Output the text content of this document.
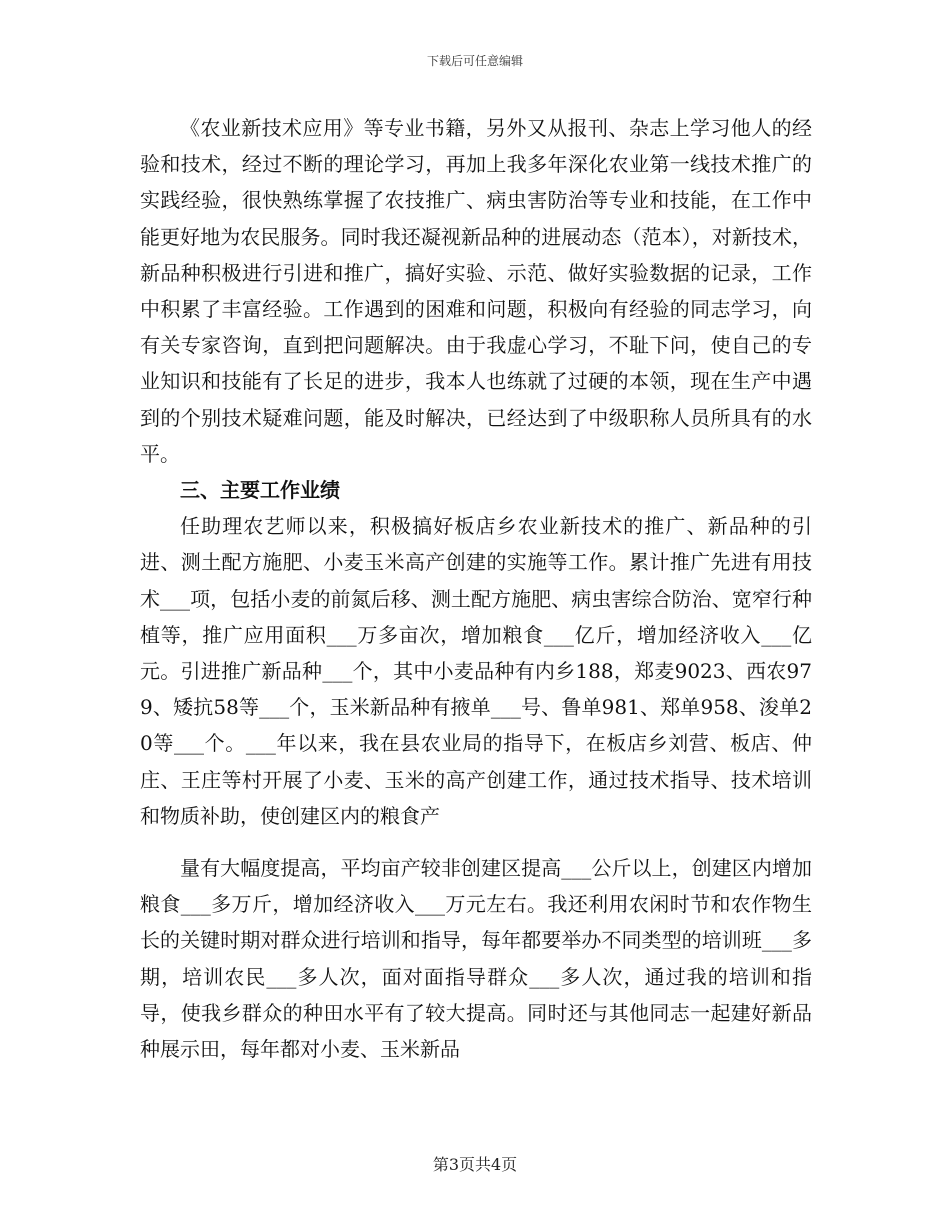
下载后可任意编辑

《农业新技术应用》等专业书籍，另外又从报刊、杂志上学习他人的经验和技术，经过不断的理论学习，再加上我多年深化农业第一线技术推广的实践经验，很快熟练掌握了农技推广、病虫害防治等专业和技能，在工作中能更好地为农民服务。同时我还凝视新品种的进展动态（范本），对新技术，新品种积极进行引进和推广，搞好实验、示范、做好实验数据的记录，工作中积累了丰富经验。工作遇到的困难和问题，积极向有经验的同志学习，向有关专家咨询，直到把问题解决。由于我虚心学习，不耻下问，使自己的专业知识和技能有了长足的进步，我本人也练就了过硬的本领，现在生产中遇到的个别技术疑难问题，能及时解决，已经达到了中级职称人员所具有的水平。

三、主要工作业绩

任助理农艺师以来，积极搞好板店乡农业新技术的推广、新品种的引进、测土配方施肥、小麦玉米高产创建的实施等工作。累计推广先进有用技术___项，包括小麦的前氮后移、测土配方施肥、病虫害综合防治、宽窄行种植等，推广应用面积___万多亩次，增加粮食___亿斤，增加经济收入___亿元。引进推广新品种___个，其中小麦品种有内乡188，郑麦9023、西农979、矮抗58等___个，玉米新品种有掖单___号、鲁单981、郑单958、浚单20等___个。___年以来，我在县农业局的指导下，在板店乡刘营、板店、仲庄、王庄等村开展了小麦、玉米的高产创建工作，通过技术指导、技术培训和物质补助，使创建区内的粮食产

量有大幅度提高，平均亩产较非创建区提高___公斤以上，创建区内增加粮食___多万斤，增加经济收入___万元左右。我还利用农闲时节和农作物生长的关键时期对群众进行培训和指导，每年都要举办不同类型的培训班___多期，培训农民___多人次，面对面指导群众___多人次，通过我的培训和指导，使我乡群众的种田水平有了较大提高。同时还与其他同志一起建好新品种展示田，每年都对小麦、玉米新品

第3页共4页
